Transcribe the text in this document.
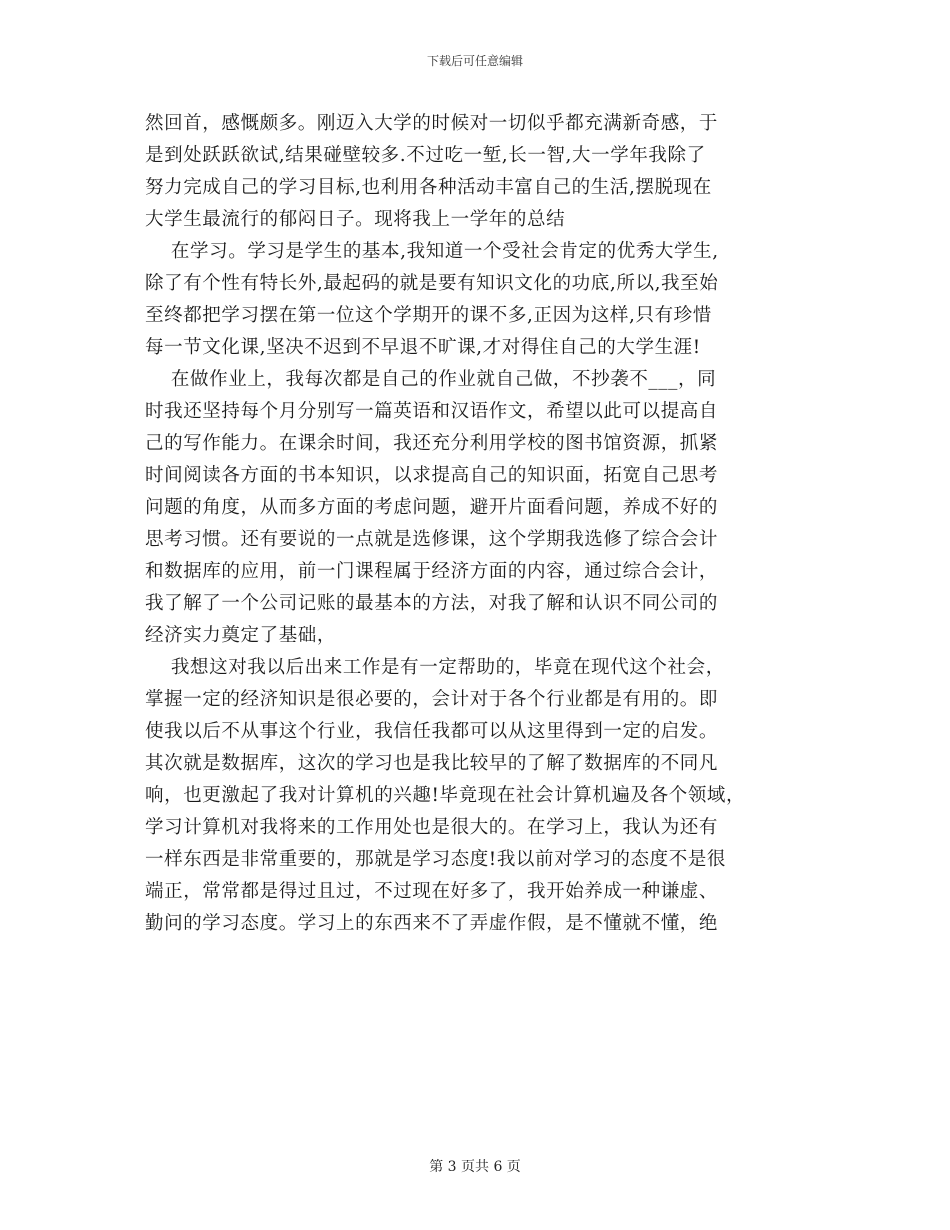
下载后可任意编辑
然回首，感慨颇多。刚迈入大学的时候对一切似乎都充满新奇感，于
是到处跃跃欲试,结果碰壁较多.不过吃一堑,长一智,大一学年我除了
努力完成自己的学习目标,也利用各种活动丰富自己的生活,摆脱现在
大学生最流行的郁闷日子。现将我上一学年的总结
在学习。学习是学生的基本,我知道一个受社会肯定的优秀大学生,
除了有个性有特长外,最起码的就是要有知识文化的功底,所以,我至始
至终都把学习摆在第一位这个学期开的课不多,正因为这样,只有珍惜
每一节文化课,坚决不迟到不早退不旷课,才对得住自己的大学生涯!
在做作业上，我每次都是自己的作业就自己做，不抄袭不___，同
时我还坚持每个月分别写一篇英语和汉语作文，希望以此可以提高自
己的写作能力。在课余时间，我还充分利用学校的图书馆资源，抓紧
时间阅读各方面的书本知识，以求提高自己的知识面，拓宽自己思考
问题的角度，从而多方面的考虑问题，避开片面看问题，养成不好的
思考习惯。还有要说的一点就是选修课，这个学期我选修了综合会计
和数据库的应用，前一门课程属于经济方面的内容，通过综合会计，
我了解了一个公司记账的最基本的方法，对我了解和认识不同公司的
经济实力奠定了基础，
我想这对我以后出来工作是有一定帮助的，毕竟在现代这个社会，
掌握一定的经济知识是很必要的，会计对于各个行业都是有用的。即
使我以后不从事这个行业，我信任我都可以从这里得到一定的启发。
其次就是数据库，这次的学习也是我比较早的了解了数据库的不同凡
响，也更激起了我对计算机的兴趣!毕竟现在社会计算机遍及各个领域，
学习计算机对我将来的工作用处也是很大的。在学习上，我认为还有
一样东西是非常重要的，那就是学习态度!我以前对学习的态度不是很
端正，常常都是得过且过，不过现在好多了，我开始养成一种谦虚、
勤问的学习态度。学习上的东西来不了弄虚作假，是不懂就不懂，绝
第 3 页共 6 页
